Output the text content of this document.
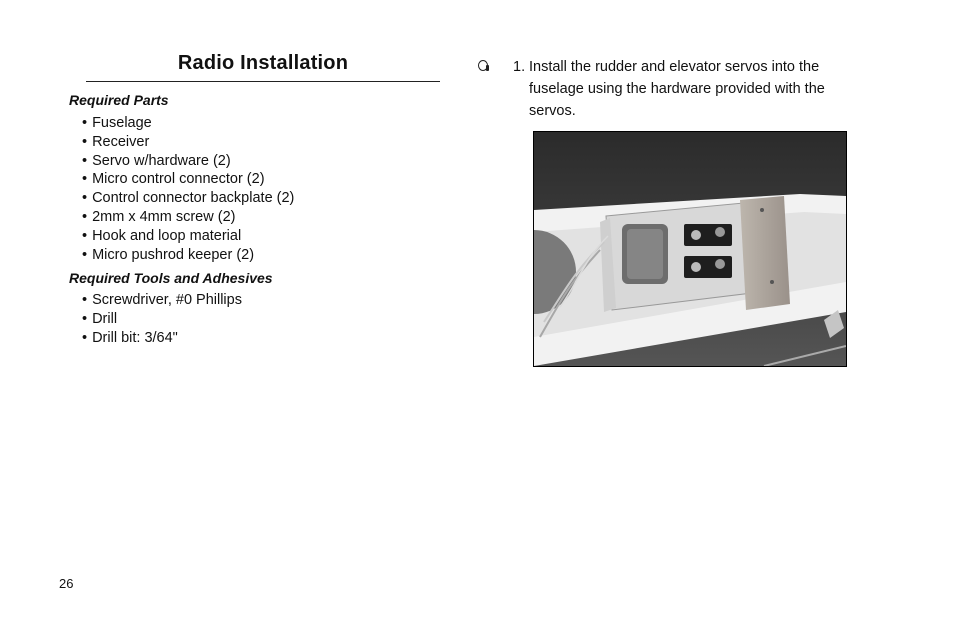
Radio Installation
Required Parts
• Fuselage
• Receiver
• Servo w/hardware (2)
• Micro control connector (2)
• Control connector backplate (2)
• 2mm x 4mm screw (2)
• Hook and loop material
• Micro pushrod keeper (2)
Required Tools and Adhesives
• Screwdriver, #0 Phillips
• Drill
• Drill bit: 3/64"
1. Install the rudder and elevator servos into the fuselage using the hardware provided with the servos.
26
